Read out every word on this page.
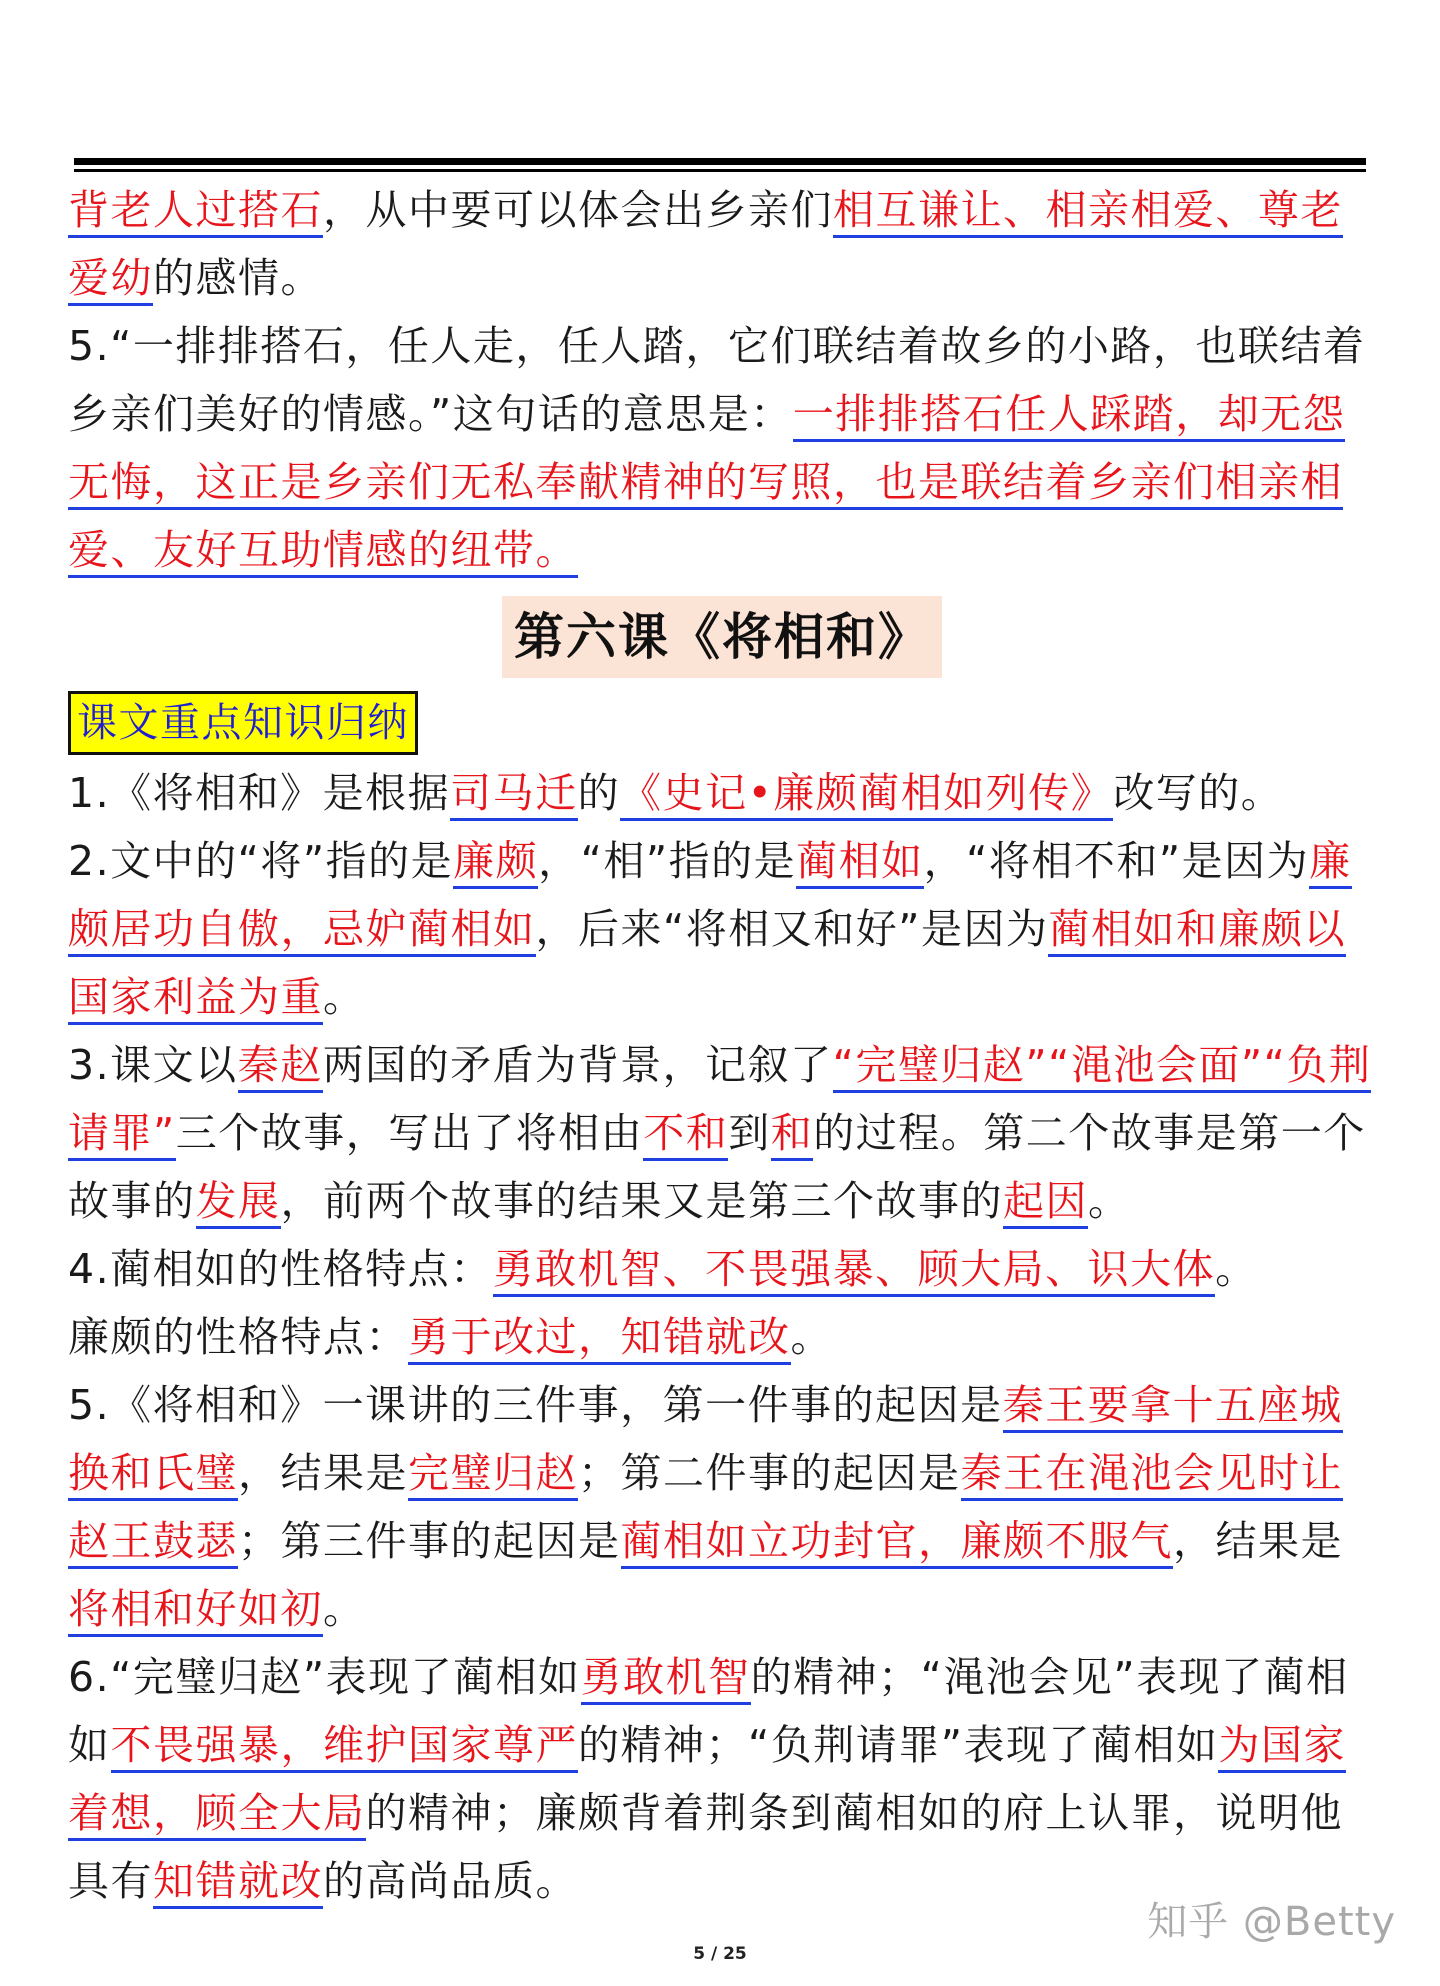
背老人过搭石，从中要可以体会出乡亲们相互谦让、相亲相爱、尊老爱幼的感情。

5.“一排排搭石，任人走，任人踏，它们联结着故乡的小路，也联结着乡亲们美好的情感。”这句话的意思是：一排排搭石任人踩踏，却无怨无悔，这正是乡亲们无私奉献精神的写照，也是联结着乡亲们相亲相爱、友好互助情感的纽带。

第六课《将相和》
课文重点知识归纳

1.《将相和》是根据司马迁的《史记•廉颇蔺相如列传》改写的。

2.文中的“将”指的是廉颇，“相”指的是蔺相如，“将相不和”是因为廉颇居功自傲，忌妒蔺相如，后来“将相又和好”是因为蔺相如和廉颇以国家利益为重。

3.课文以秦赵两国的矛盾为背景，记叙了“完璧归赵”“渑池会面”“负荆请罪”三个故事，写出了将相由不和到和的过程。第二个故事是第一个故事的发展，前两个故事的结果又是第三个故事的起因。

4.蔺相如的性格特点：勇敢机智、不畏强暴、顾大局、识大体。

廉颇的性格特点：勇于改过，知错就改。

5.《将相和》一课讲的三件事，第一件事的起因是秦王要拿十五座城换和氏璧，结果是完璧归赵；第二件事的起因是秦王在渑池会见时让赵王鼓瑟；第三件事的起因是蔺相如立功封官，廉颇不服气，结果是将相和好如初。

6.“完璧归赵”表现了蔺相如勇敢机智的精神；“渑池会见”表现了蔺相如不畏强暴，维护国家尊严的精神；“负荆请罪”表现了蔺相如为国家着想，顾全大局的精神；廉颇背着荆条到蔺相如的府上认罪，说明他具有知错就改的高尚品质。

知乎 @Betty
5 / 25
